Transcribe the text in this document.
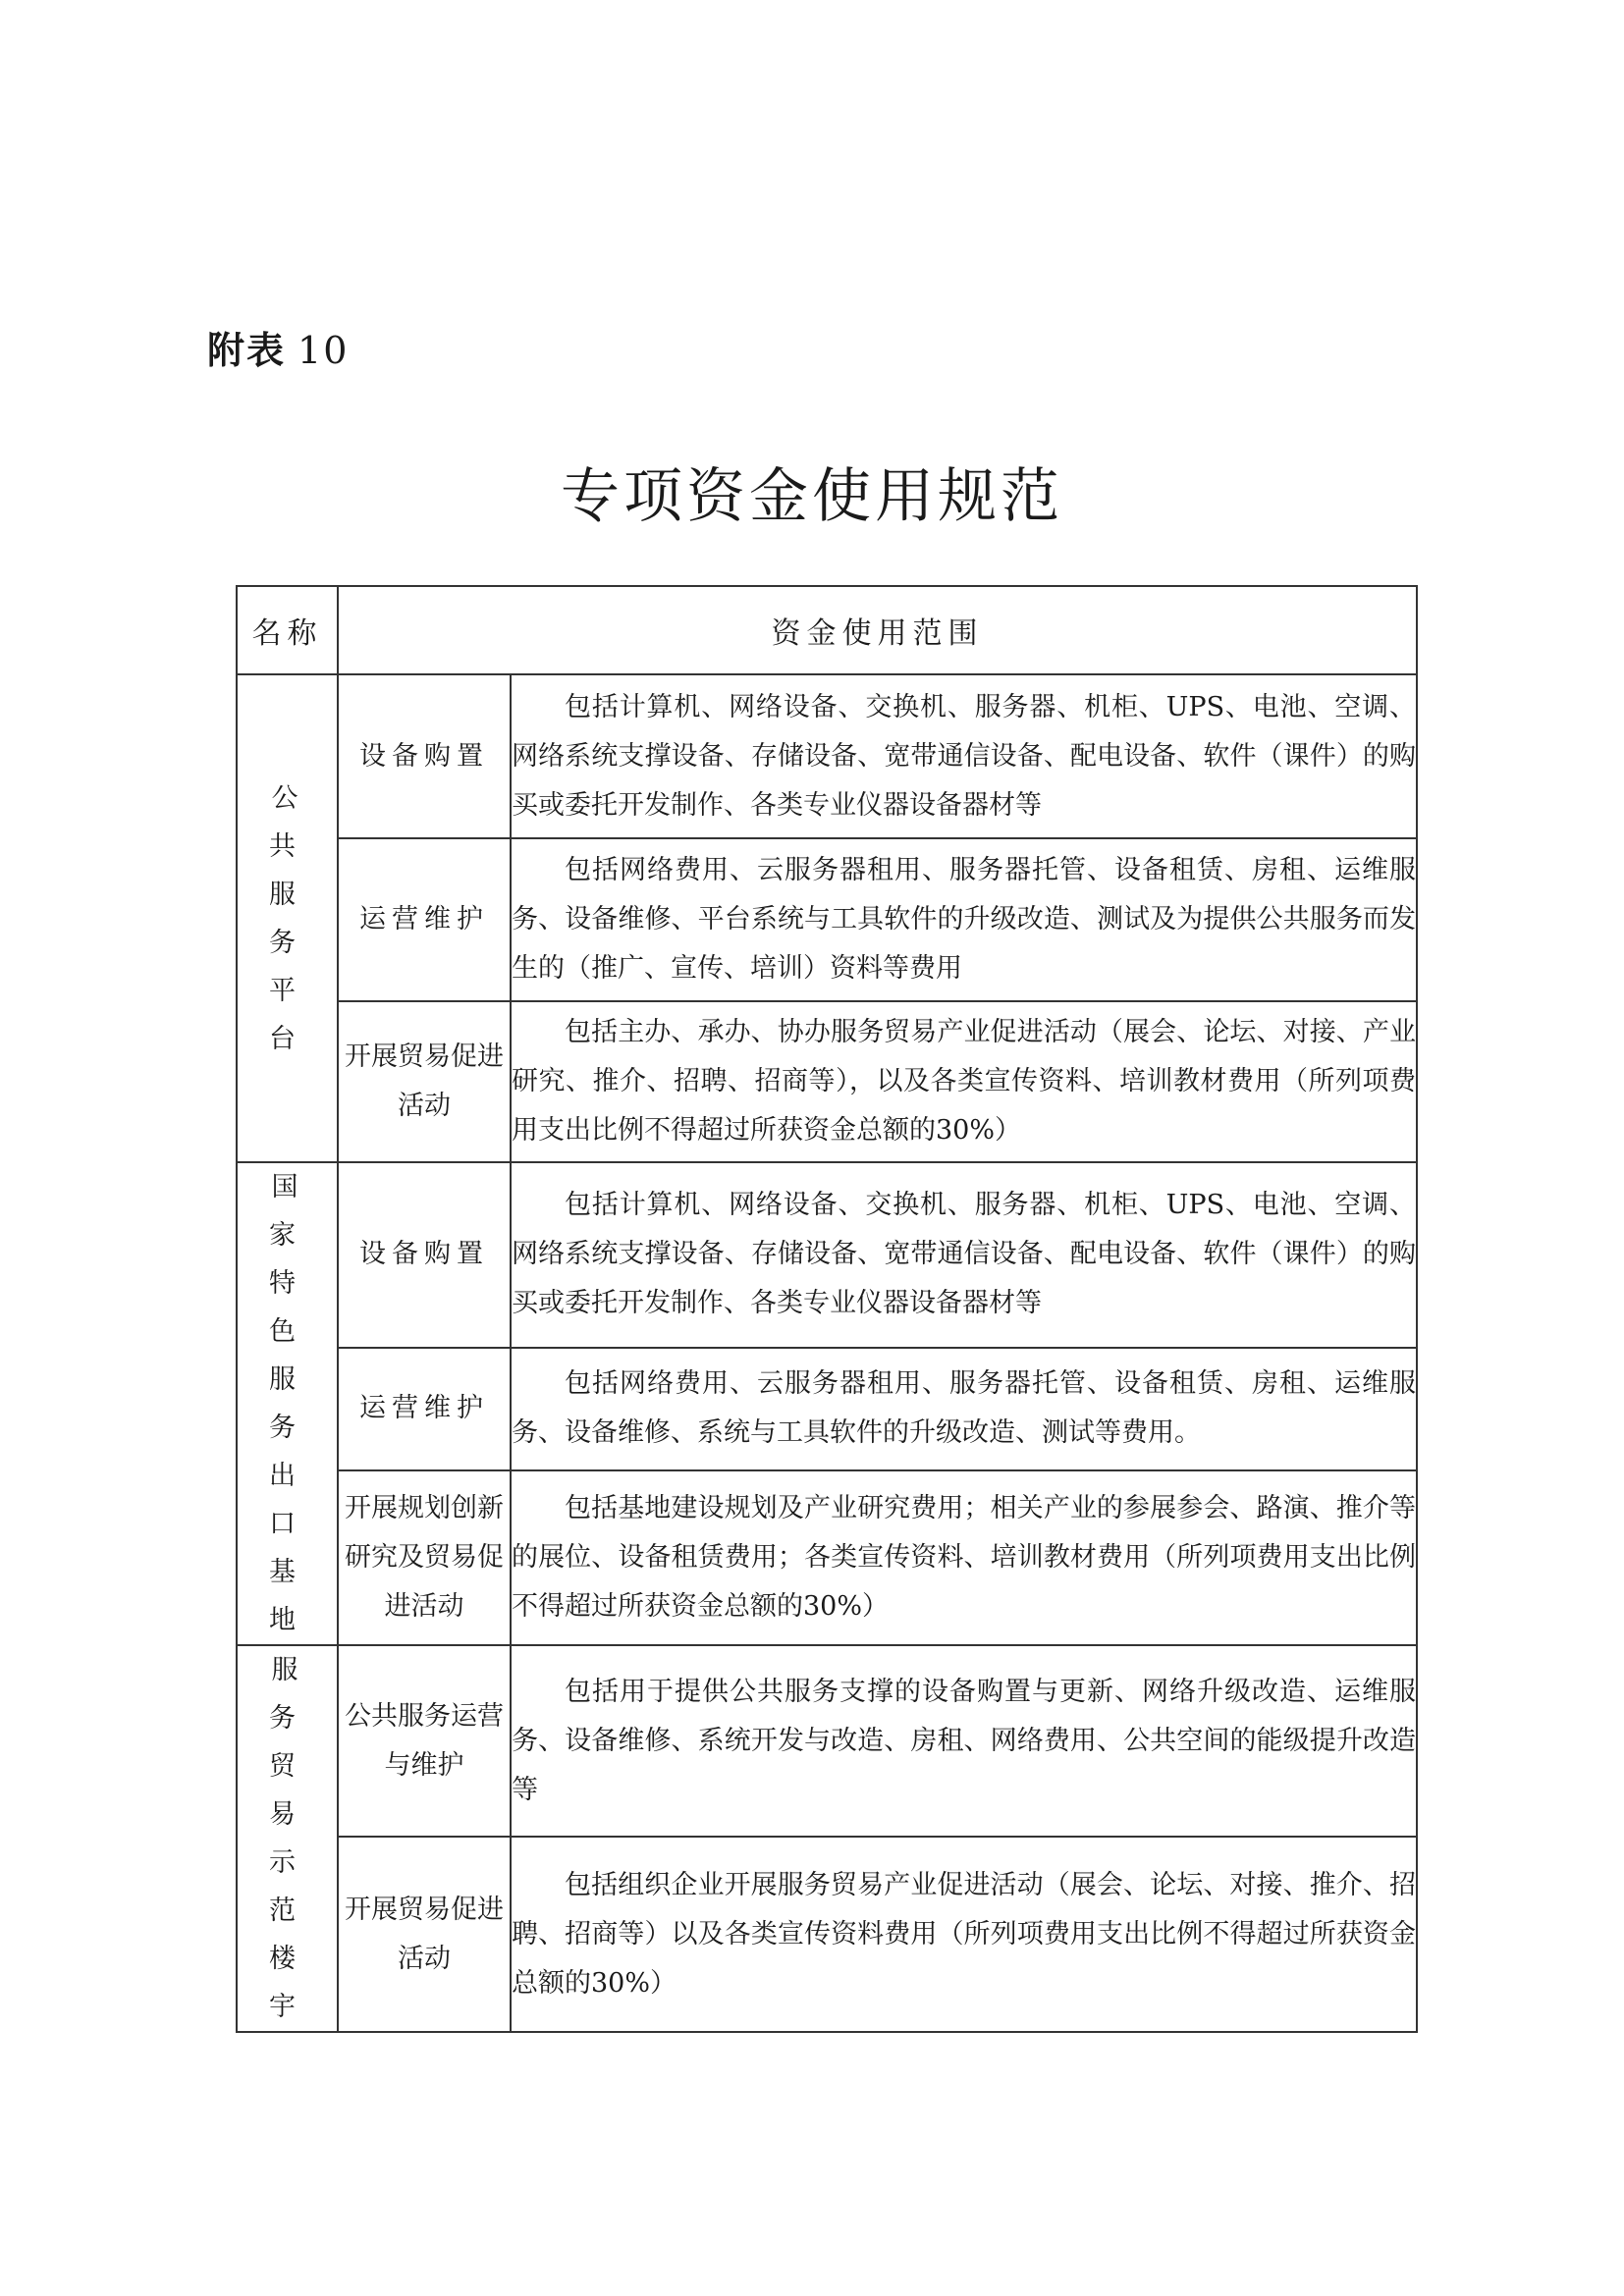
附表 10
专项资金使用规范
名称	资金使用范围	

公共服务平台	设备购置	包括计算机、网络设备、交换机、服务器、机柜、UPS、电池、空调、网络系统支撑设备、存储设备、宽带通信设备、配电设备、软件（课件）的购买或委托开发制作、各类专业仪器设备器材等
	运营维护	包括网络费用、云服务器租用、服务器托管、设备租赁、房租、运维服务、设备维修、平台系统与工具软件的升级改造、测试及为提供公共服务而发生的（推广、宣传、培训）资料等费用
	开展贸易促进活动	包括主办、承办、协办服务贸易产业促进活动（展会、论坛、对接、产业研究、推介、招聘、招商等），以及各类宣传资料、培训教材费用（所列项费用支出比例不得超过所获资金总额的30%）

国家特色服务出口基地	设备购置	包括计算机、网络设备、交换机、服务器、机柜、UPS、电池、空调、网络系统支撑设备、存储设备、宽带通信设备、配电设备、软件（课件）的购买或委托开发制作、各类专业仪器设备器材等
	运营维护	包括网络费用、云服务器租用、服务器托管、设备租赁、房租、运维服务、设备维修、系统与工具软件的升级改造、测试等费用。
	开展规划创新研究及贸易促进活动	包括基地建设规划及产业研究费用；相关产业的参展参会、路演、推介等的展位、设备租赁费用；各类宣传资料、培训教材费用（所列项费用支出比例不得超过所获资金总额的30%）

服务贸易示范楼宇	公共服务运营与维护	包括用于提供公共服务支撑的设备购置与更新、网络升级改造、运维服务、设备维修、系统开发与改造、房租、网络费用、公共空间的能级提升改造等
	开展贸易促进活动	包括组织企业开展服务贸易产业促进活动（展会、论坛、对接、推介、招聘、招商等）以及各类宣传资料费用（所列项费用支出比例不得超过所获资金总额的30%）
